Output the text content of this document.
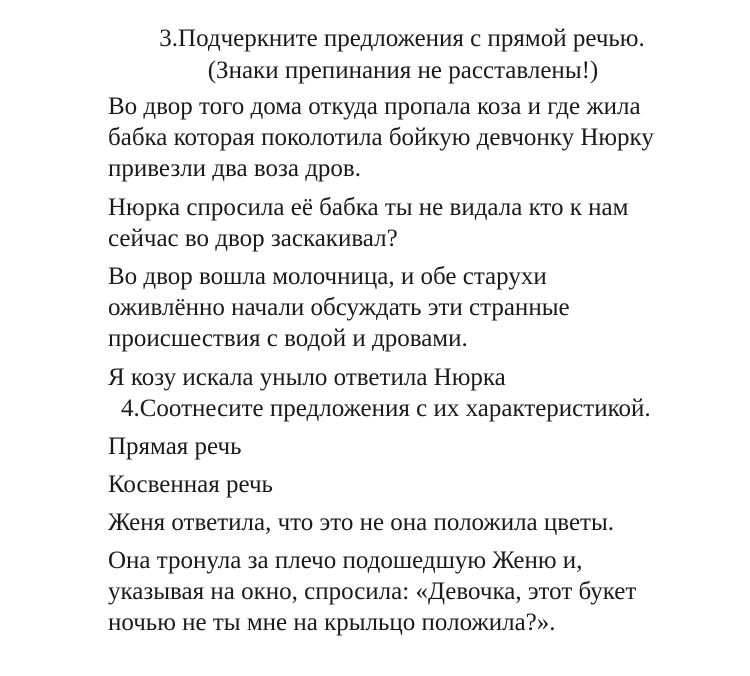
3.Подчеркните предложения с прямой речью.
(Знаки препинания не расставлены!)
Во двор того дома откуда пропала коза и где жила
бабка которая поколотила бойкую девчонку Нюрку
привезли два воза дров.
Нюрка спросила её бабка ты не видала кто к нам
сейчас во двор заскакивал?
Во двор вошла молочница, и обе старухи
оживлённо начали обсуждать эти странные
происшествия с водой и дровами.
Я козу искала уныло ответила Нюрка
4.Соотнесите предложения с их характеристикой.
Прямая речь
Косвенная речь
Женя ответила, что это не она положила цветы.
Она тронула за плечо подошедшую Женю и,
указывая на окно, спросила: «Девочка, этот букет
ночью не ты мне на крыльцо положила?».
